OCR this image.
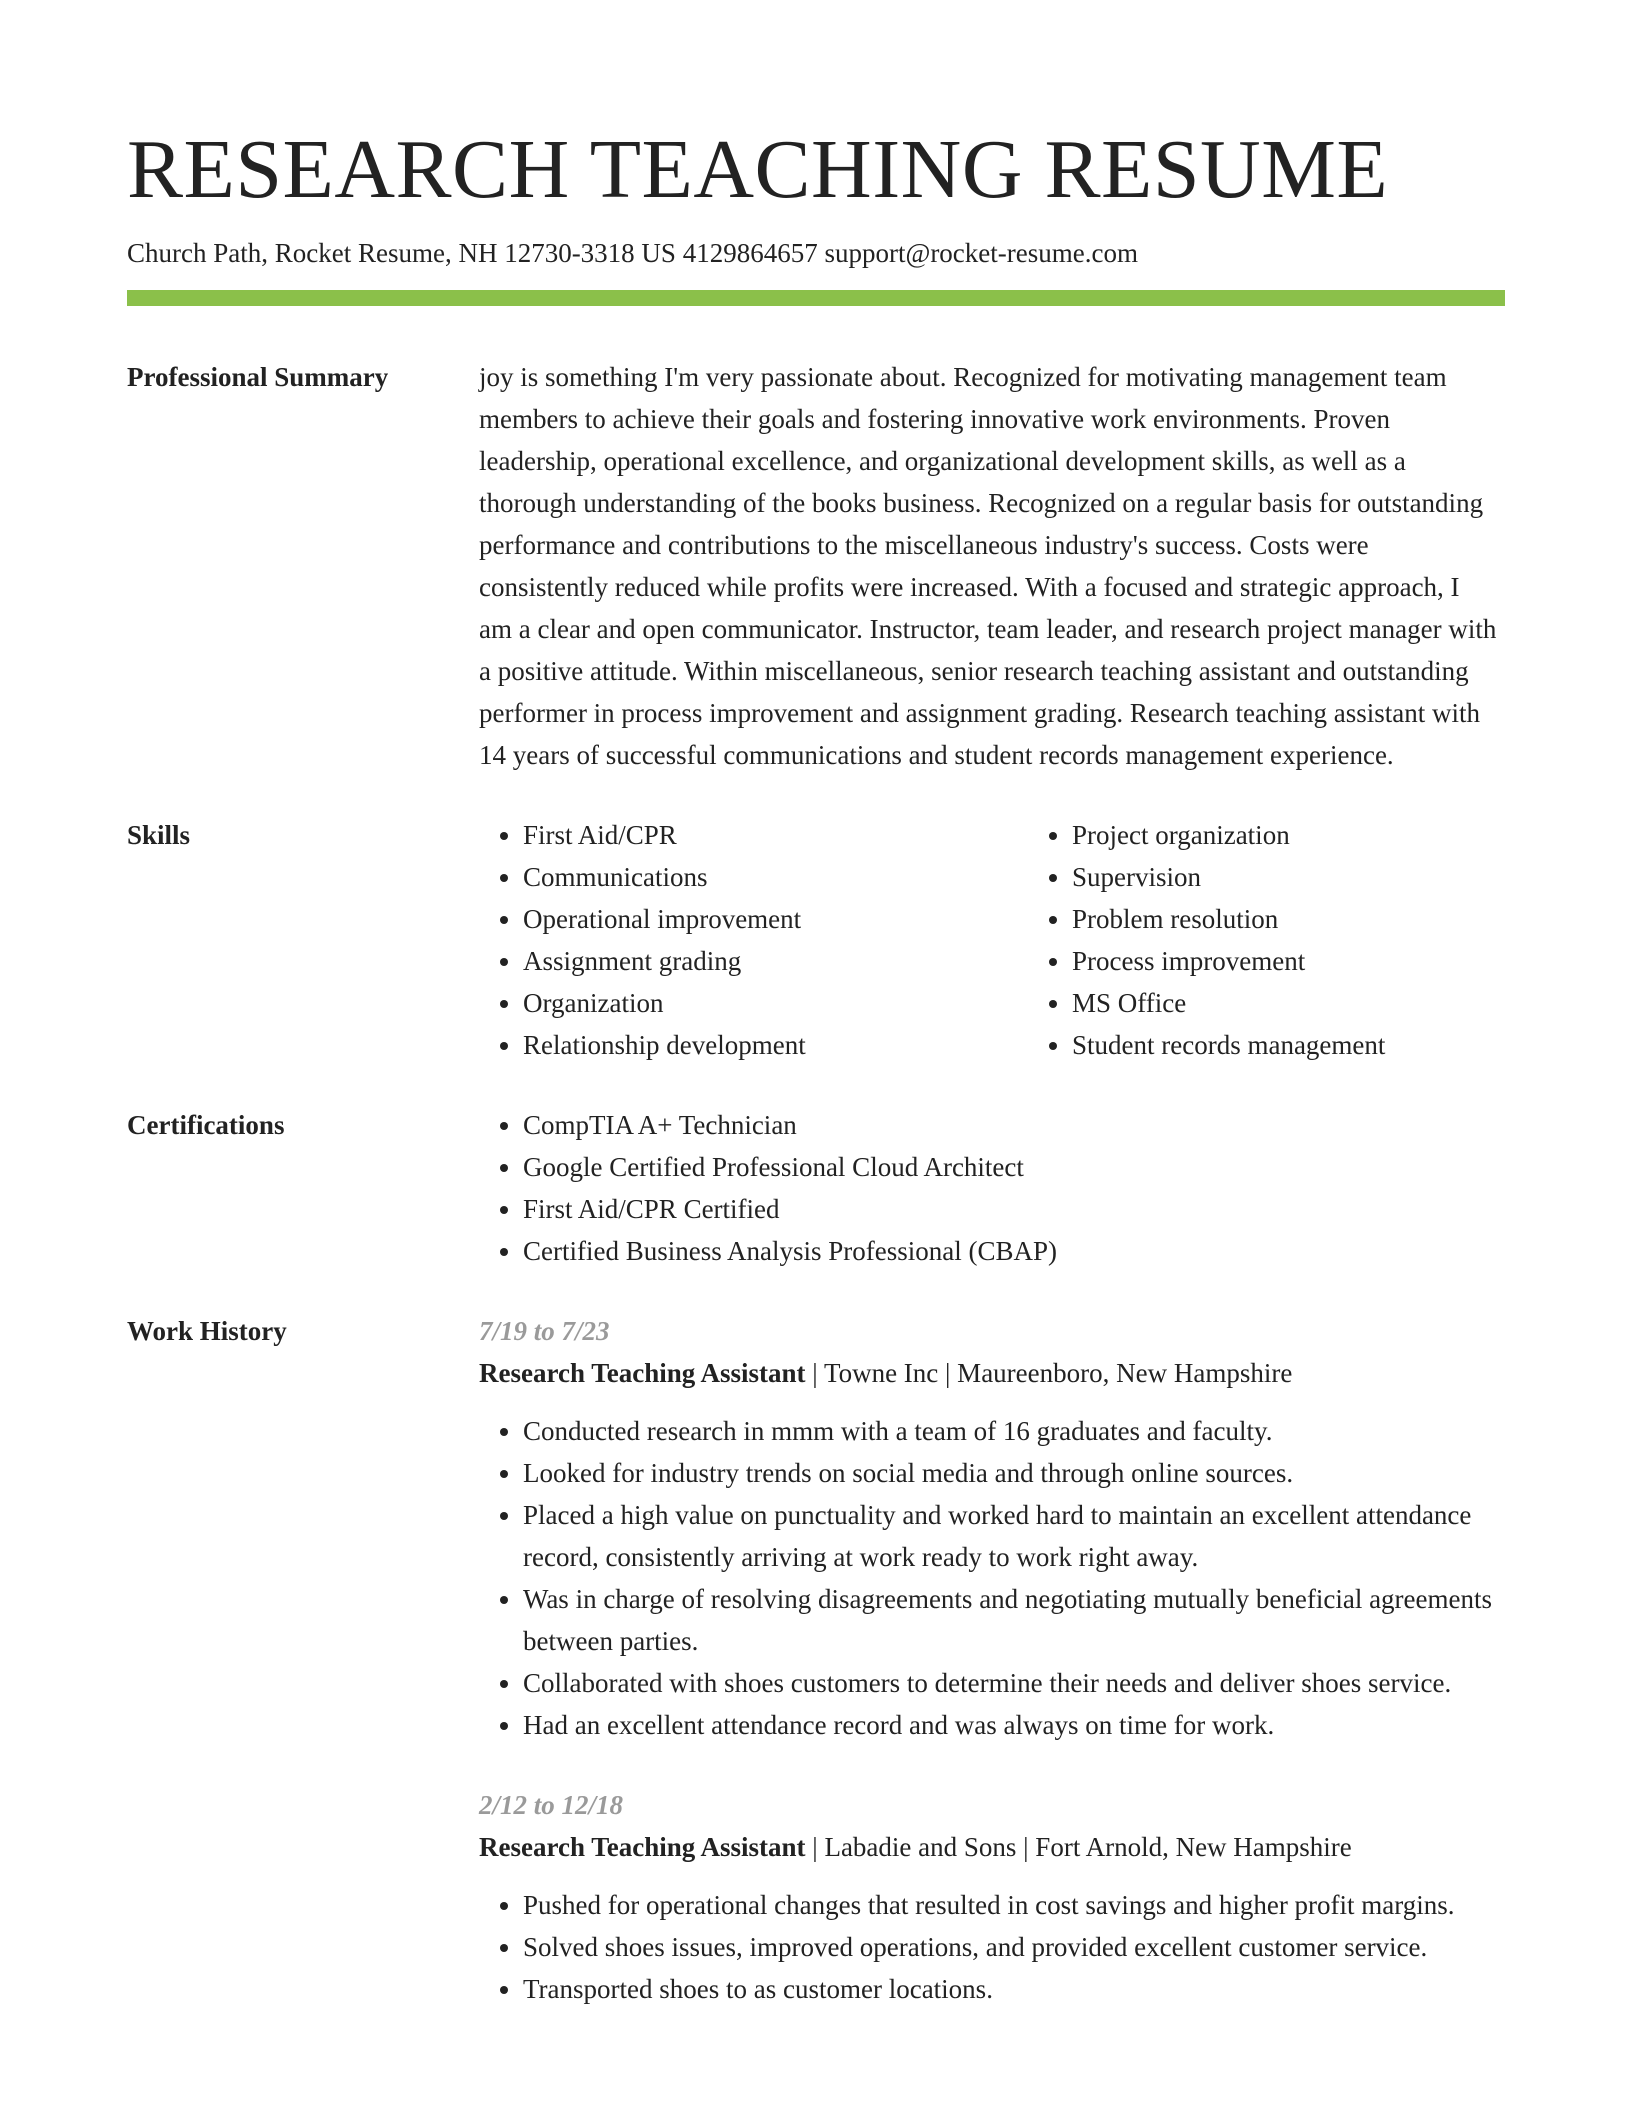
RESEARCH TEACHING RESUME
Church Path, Rocket Resume, NH 12730-3318 US 4129864657 support@rocket-resume.com
Professional Summary	joy is something I'm very passionate about. Recognized for motivating management team members to achieve their goals and fostering innovative work environments. Proven leadership, operational excellence, and organizational development skills, as well as a thorough understanding of the books business. Recognized on a regular basis for outstanding performance and contributions to the miscellaneous industry's success. Costs were consistently reduced while profits were increased. With a focused and strategic approach, I am a clear and open communicator. Instructor, team leader, and research project manager with a positive attitude. Within miscellaneous, senior research teaching assistant and outstanding performer in process improvement and assignment grading. Research teaching assistant with 14 years of successful communications and student records management experience.

Skills	• First Aid/CPR
• Communications
• Operational improvement
• Assignment grading
• Organization
• Relationship development
• Project organization
• Supervision
• Problem resolution
• Process improvement
• MS Office
• Student records management
Certifications	• CompTIA A+ Technician
• Google Certified Professional Cloud Architect
• First Aid/CPR Certified
• Certified Business Analysis Professional (CBAP)
Work History	7/19 to 7/23
Research Teaching Assistant | Towne Inc | Maureenboro, New Hampshire
• Conducted research in mmm with a team of 16 graduates and faculty.
• Looked for industry trends on social media and through online sources.
• Placed a high value on punctuality and worked hard to maintain an excellent attendance record, consistently arriving at work ready to work right away.
• Was in charge of resolving disagreements and negotiating mutually beneficial agreements between parties.
• Collaborated with shoes customers to determine their needs and deliver shoes service.
• Had an excellent attendance record and was always on time for work.
2/12 to 12/18
Research Teaching Assistant | Labadie and Sons | Fort Arnold, New Hampshire
• Pushed for operational changes that resulted in cost savings and higher profit margins.
• Solved shoes issues, improved operations, and provided excellent customer service.
• Transported shoes to as customer locations.
